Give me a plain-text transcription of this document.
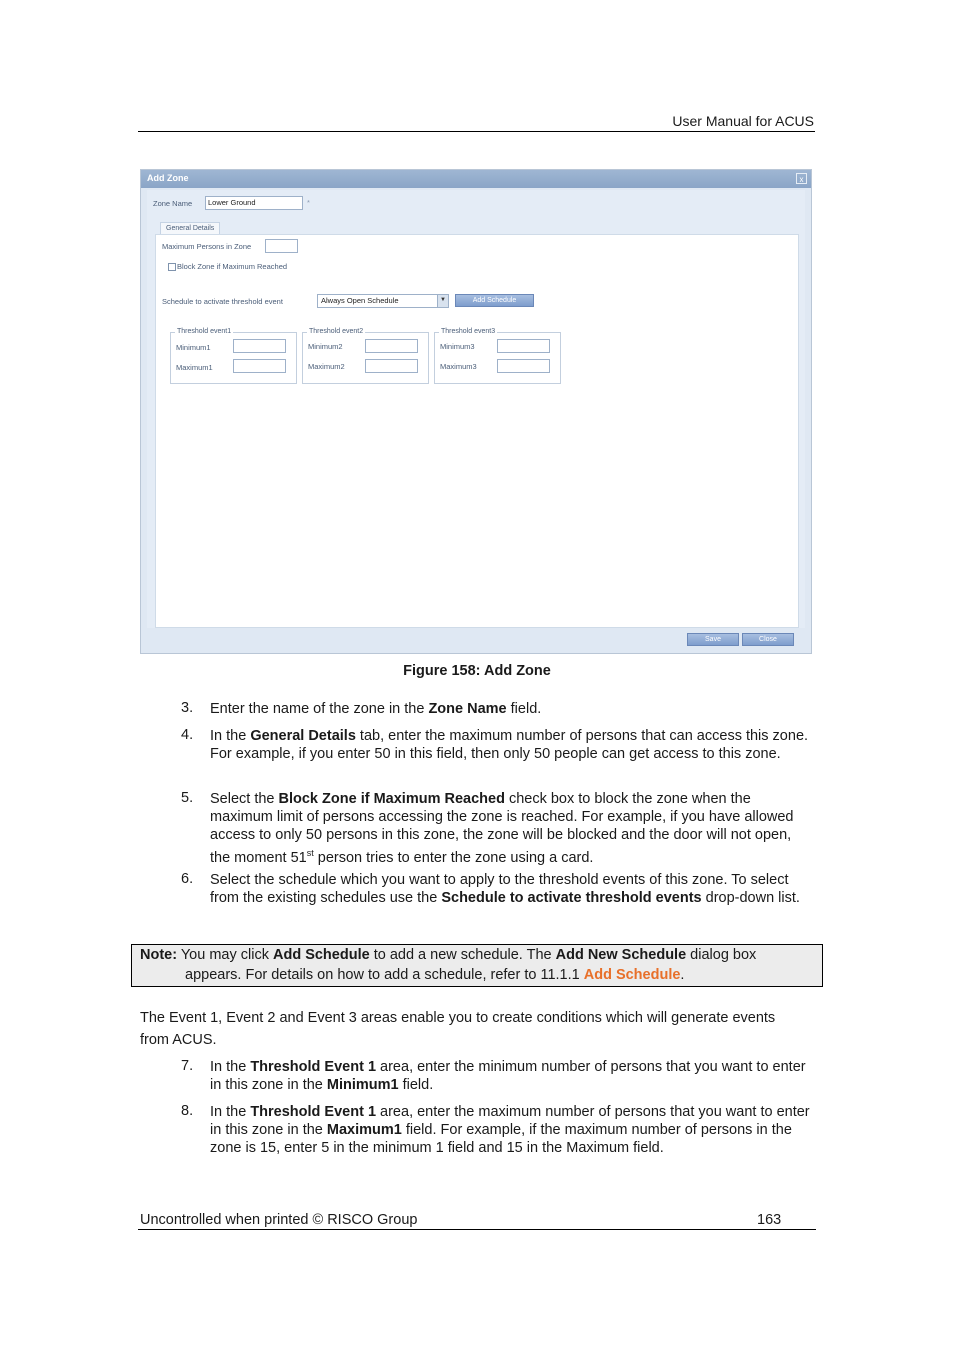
User Manual for ACUS
Add Zone	x
Zone Name	Lower Ground	*
General Details
Maximum Persons in Zone
Block Zone if Maximum Reached
Schedule to activate threshold event	Always Open Schedule	▼	Add Schedule
Threshold event1
Minimum1
Maximum1
Threshold event2
Minimum2
Maximum2
Threshold event3
Minimum3
Maximum3
Save	Close
Figure 158: Add Zone
3. Enter the name of the zone in the Zone Name field.
4. In the General Details tab, enter the maximum number of persons that can access this zone. For example, if you enter 50 in this field, then only 50 people can get access to this zone.
5. Select the Block Zone if Maximum Reached check box to block the zone when the maximum limit of persons accessing the zone is reached. For example, if you have allowed access to only 50 persons in this zone, the zone will be blocked and the door will not open, the moment 51st person tries to enter the zone using a card.
6. Select the schedule which you want to apply to the threshold events of this zone. To select from the existing schedules use the Schedule to activate threshold events drop-down list.
Note: You may click Add Schedule to add a new schedule. The Add New Schedule dialog box
appears. For details on how to add a schedule, refer to 11.1.1 Add Schedule.
The Event 1, Event 2 and Event 3 areas enable you to create conditions which will generate events from ACUS.
7. In the Threshold Event 1 area, enter the minimum number of persons that you want to enter in this zone in the Minimum1 field.
8. In the Threshold Event 1 area, enter the maximum number of persons that you want to enter in this zone in the Maximum1 field. For example, if the maximum number of persons in the zone is 15, enter 5 in the minimum 1 field and 15 in the Maximum field.
Uncontrolled when printed © RISCO Group	163
